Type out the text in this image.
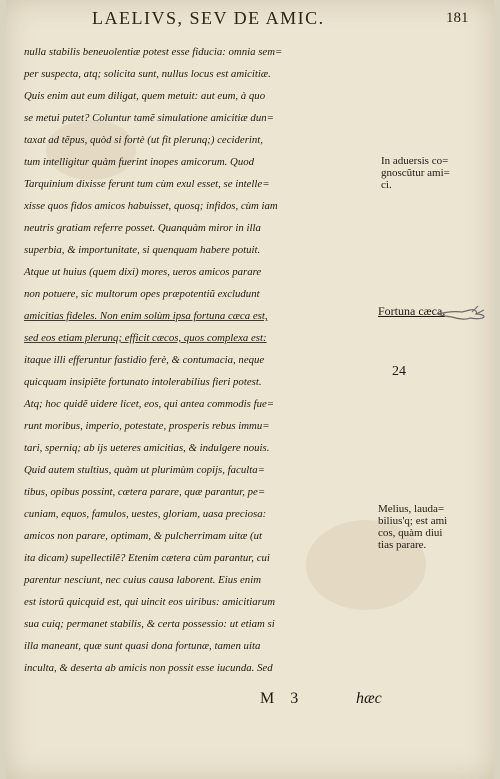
LAELIVS, SEV DE AMIC.	181
nulla stabilis beneuolentiæ potest esse fiducia: omnia sem=
per suspecta, atq; solicita sunt, nullus locus est amicitiæ.
Quis enim aut eum diligat, quem metuit: aut eum, à quo
se metui putet? Coluntur tamẽ simulatione amicitiæ dun=
taxat ad tẽpus, quòd si fortè (ut fit plerunq;) ceciderint,
tum intelligitur quàm fuerint inopes amicorum. Quod
Tarquinium dixisse ferunt tum cùm exul esset, se intelle=
xisse quos fidos amicos habuisset, quosq; infidos, cùm iam
neutris gratiam referre posset. Quanquàm miror in illa
superbia, & importunitate, si quenquam habere potuit.
Atque ut huius (quem dixi) mores, ueros amicos parare
non potuere, sic multorum opes præpotentiũ excludunt
amicitias fideles. Non enim solùm ipsa fortuna cæca est,
sed eos etiam plerunq; efficit cæcos, quos complexa est:
itaque illi efferuntur fastidio ferè, & contumacia, neque
quicquam insipiẽte fortunato intolerabilius fieri potest.
Atq; hoc quidẽ uidere licet, eos, qui antea commodis fue=
runt moribus, imperio, potestate, prosperis rebus immu=
tari, sperniq; ab ijs ueteres amicitias, & indulgere nouis.
Quid autem stultius, quàm ut plurimùm copijs, faculta=
tibus, opibus possint, cætera parare, quæ parantur, pe=
cuniam, equos, famulos, uestes, gloriam, uasa preciosa:
amicos non parare, optimam, & pulcherrimam uitæ (ut
ita dicam) supellectilẽ? Etenim cætera cùm parantur, cui
parentur nesciunt, nec cuius causa laborent. Eius enim
est istorũ quicquid est, qui uincit eos uiribus: amicitiarum
sua cuiq; permanet stabilis, & certa possessio: ut etiam si
illa maneant, quæ sunt quasi dona fortunæ, tamen uita
inculta, & deserta ab amicis non possit esse iucunda. Sed
In aduersis co=
gnoscũtur ami=
ci.
Fortuna cæca.
24
Melius, lauda=
bilius'q; est ami
cos, quàm diui
tias parare.
M 3	hæc
